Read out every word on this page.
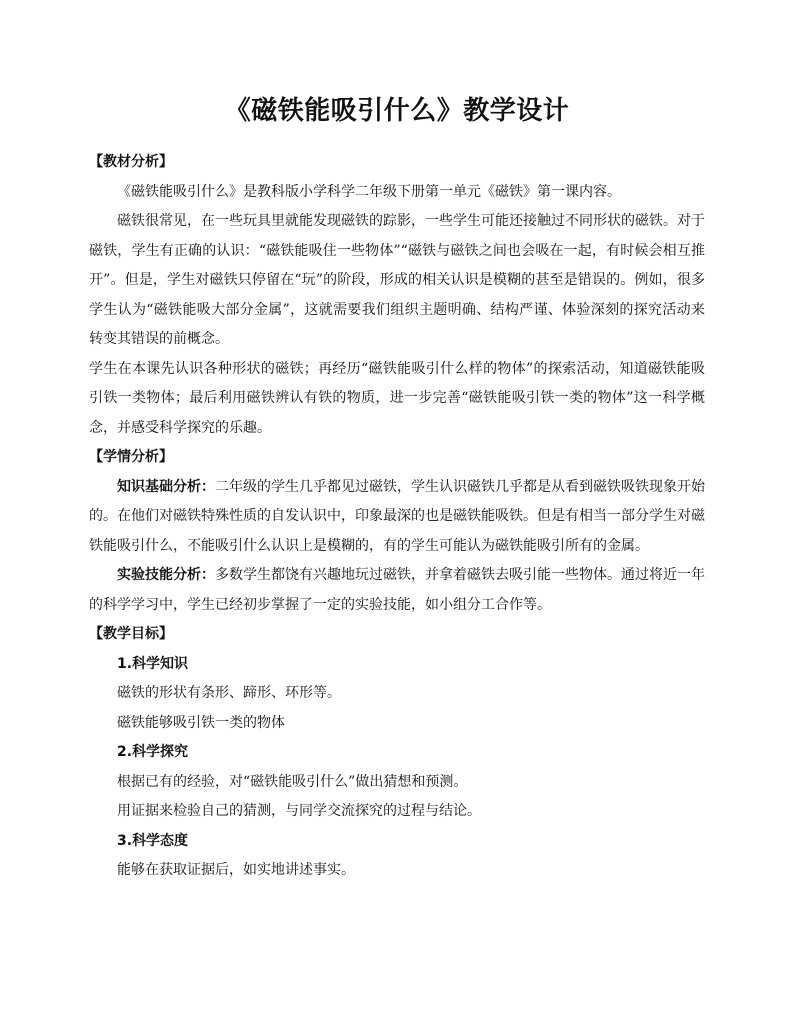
《磁铁能吸引什么》教学设计

【教材分析】

《磁铁能吸引什么》是教科版小学科学二年级下册第一单元《磁铁》第一课内容。

磁铁很常见，在一些玩具里就能发现磁铁的踪影，一些学生可能还接触过不同形状的磁铁。对于磁铁，学生有正确的认识：“磁铁能吸住一些物体”“磁铁与磁铁之间也会吸在一起，有时候会相互推开”。但是，学生对磁铁只停留在“玩”的阶段，形成的相关认识是模糊的甚至是错误的。例如，很多学生认为“磁铁能吸大部分金属”，这就需要我们组织主题明确、结构严谨、体验深刻的探究活动来转变其错误的前概念。

学生在本课先认识各种形状的磁铁；再经历“磁铁能吸引什么样的物体”的探索活动，知道磁铁能吸引铁一类物体；最后利用磁铁辨认有铁的物质，进一步完善“磁铁能吸引铁一类的物体”这一科学概念，并感受科学探究的乐趣。

【学情分析】

知识基础分析：二年级的学生几乎都见过磁铁，学生认识磁铁几乎都是从看到磁铁吸铁现象开始的。在他们对磁铁特殊性质的自发认识中，印象最深的也是磁铁能吸铁。但是有相当一部分学生对磁铁能吸引什么，不能吸引什么认识上是模糊的，有的学生可能认为磁铁能吸引所有的金属。

实验技能分析：多数学生都饶有兴趣地玩过磁铁，并拿着磁铁去吸引能一些物体。通过将近一年的科学学习中，学生已经初步掌握了一定的实验技能，如小组分工合作等。

【教学目标】

1.科学知识

磁铁的形状有条形、蹄形、环形等。

磁铁能够吸引铁一类的物体

2.科学探究

根据已有的经验，对“磁铁能吸引什么”做出猜想和预测。

用证据来检验自己的猜测，与同学交流探究的过程与结论。

3.科学态度

能够在获取证据后，如实地讲述事实。
